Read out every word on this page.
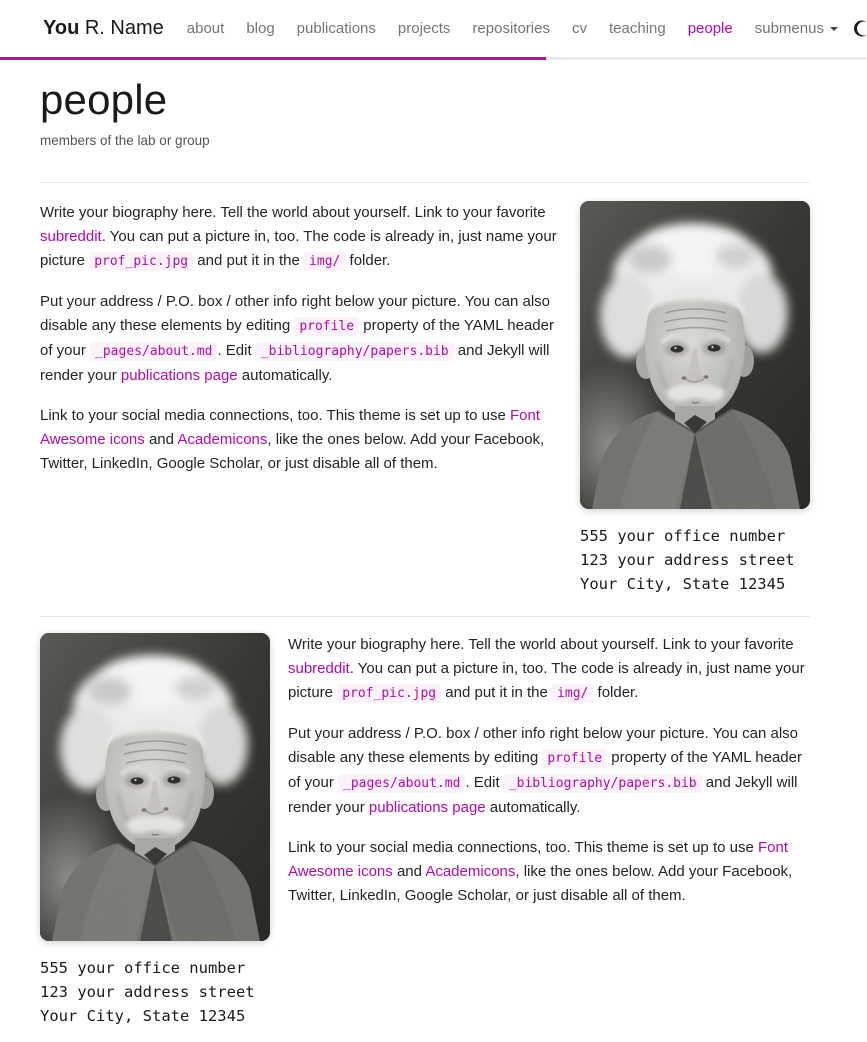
You R. Name	about	blog	publications	projects	repositories	cv	teaching	people	submenus
people

members of the lab or group

Write your biography here. Tell the world about yourself. Link to your favorite subreddit. You can put a picture in, too. The code is already in, just name your picture prof_pic.jpg and put it in the img/ folder.

Put your address / P.O. box / other info right below your picture. You can also disable any these elements by editing profile property of the YAML header of your _pages/about.md . Edit _bibliography/papers.bib and Jekyll will render your publications page automatically.

Link to your social media connections, too. This theme is set up to use Font Awesome icons and Academicons, like the ones below. Add your Facebook, Twitter, LinkedIn, Google Scholar, or just disable all of them.

555 your office number
123 your address street
Your City, State 12345
555 your office number
123 your address street
Your City, State 12345

Write your biography here. Tell the world about yourself. Link to your favorite subreddit. You can put a picture in, too. The code is already in, just name your picture prof_pic.jpg and put it in the img/ folder.

Put your address / P.O. box / other info right below your picture. You can also disable any these elements by editing profile property of the YAML header of your _pages/about.md . Edit _bibliography/papers.bib and Jekyll will render your publications page automatically.

Link to your social media connections, too. This theme is set up to use Font Awesome icons and Academicons, like the ones below. Add your Facebook, Twitter, LinkedIn, Google Scholar, or just disable all of them.
